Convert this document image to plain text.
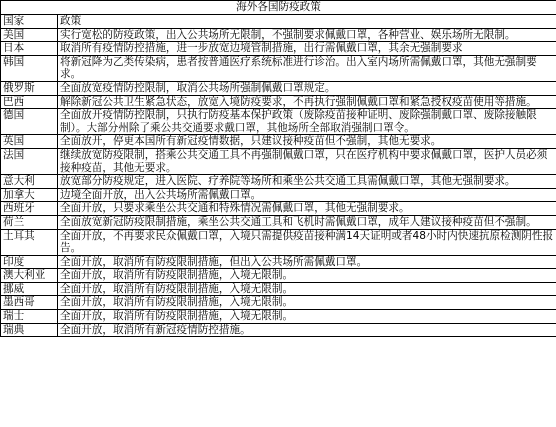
海外各国防疫政策	
国家	政策
美国	实行宽松的防疫政策，出入公共场所无限制，不强制要求佩戴口罩，各种营业、娱乐场所无限制。
日本	取消所有疫情防控措施，进一步放宽边境管制措施，出行需佩戴口罩，其余无强制要求
韩国	将新冠降为乙类传染病，患者按普通医疗系统标准进行诊治。出入室内场所需佩戴口罩，其他无强制要求。
俄罗斯	全面放宽疫情防控限制，取消公共场所强制佩戴口罩规定。
巴西	解除新冠公共卫生紧急状态，放宽入境防疫要求，不再执行强制佩戴口罩和紧急授权疫苗使用等措施。
德国	全面放开疫情防控限制，只执行防疫基本保护政策（废除疫苗接种证明、废除强制戴口罩、废除接触限制）。大部分州除了乘公共交通要求戴口罩，其他场所全部取消强制口罩令。
英国	全面放开，停更本国所有新冠疫情数据，只建议接种疫苗但不强制，其他无要求。
法国	继续放宽防疫限制，搭乘公共交通工具不再强制佩戴口罩，只在医疗机构中要求佩戴口罩，医护人员必须接种疫苗，其他无要求。
意大利	放宽部分防疫规定，进入医院、疗养院等场所和乘坐公共交通工具需佩戴口罩，其他无强制要求。
加拿大	边境全面开放，出入公共场所需佩戴口罩。
西班牙	全面开放，只要求乘坐公共交通和特殊情况需佩戴口罩，其他无强制要求。
荷兰	全面放宽新冠防疫限制措施，乘坐公共交通工具和飞机时需佩戴口罩，成年人建议接种疫苗但不强制。
土耳其	全面开放，不再要求民众佩戴口罩，入境只需提供疫苗接种满14天证明或者48小时内快速抗原检测阴性报告。
印度	全面开放，取消所有防疫限制措施，但出入公共场所需佩戴口罩。
澳大利亚	全面开放，取消所有防疫限制措施，入境无限制。
挪威	全面开放，取消所有防疫限制措施，入境无限制。
墨西哥	全面开放，取消所有防疫限制措施，入境无限制。
瑞士	全面开放，取消所有防疫限制措施，入境无限制。
瑞典	全面开放，取消所有新冠疫情防控措施。
